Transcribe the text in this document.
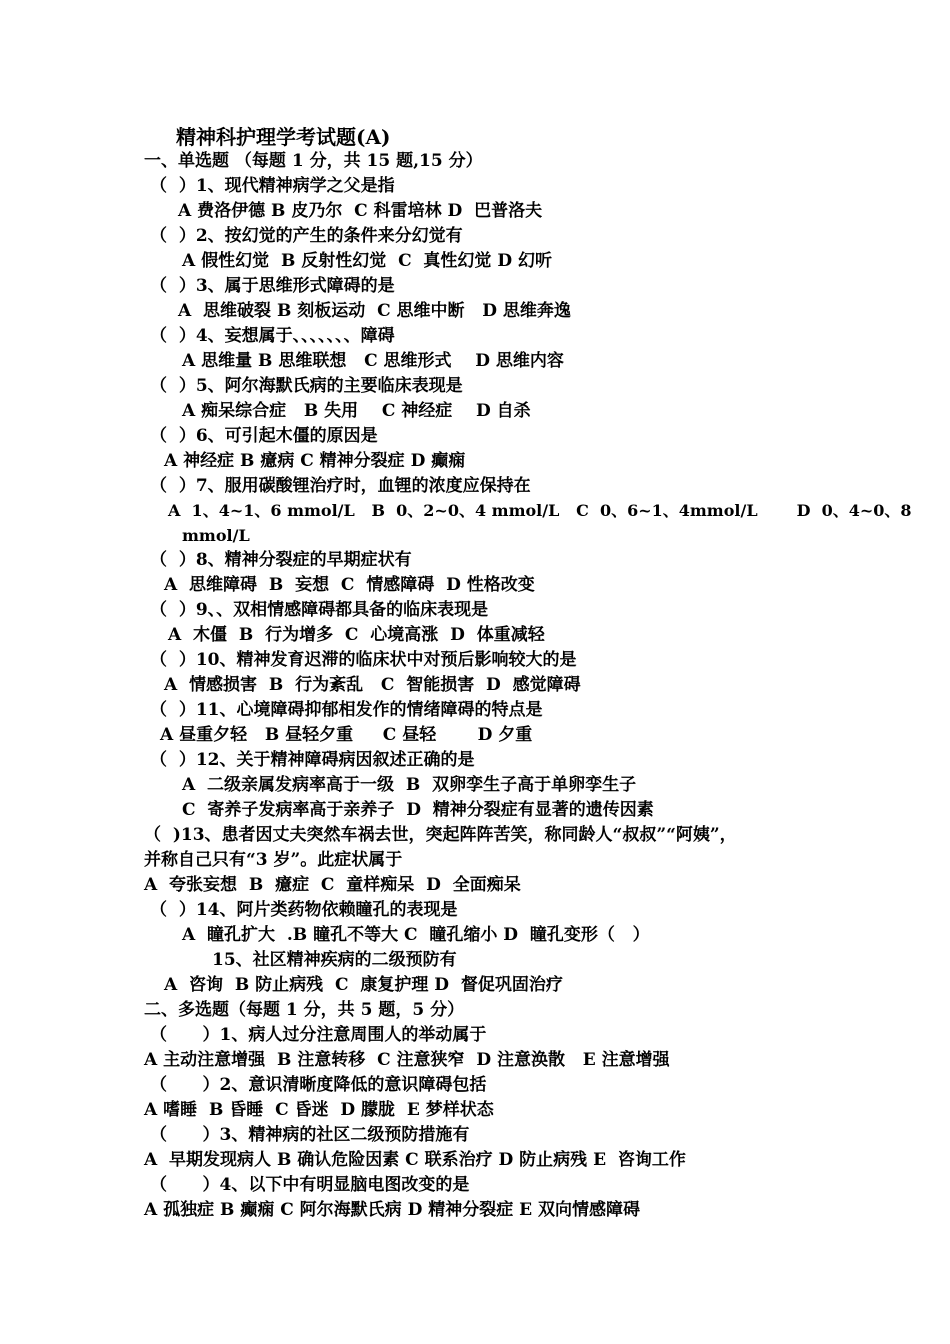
精神科护理学考试题(A)
一、单选题 （每题 1 分，共 15 题,15 分）
（  ）1、现代精神病学之父是指
A 费洛伊德 B 皮乃尔  C 科雷培林 D  巴普洛夫
（  ）2、按幻觉的产生的条件来分幻觉有
A 假性幻觉  B 反射性幻觉  C  真性幻觉 D 幻听
（  ）3、属于思维形式障碍的是
A  思维破裂 B 刻板运动  C 思维中断   D 思维奔逸
（  ）4、妄想属于、、、、、、、障碍
A 思维量 B 思维联想   C 思维形式    D 思维内容
（  ）5、阿尔海默氏病的主要临床表现是
A 痴呆综合症   B 失用    C 神经症    D 自杀
（  ）6、可引起木僵的原因是
A 神经症 B 癔病 C 精神分裂症 D 癫痫
（  ）7、服用碳酸锂治疗时，血锂的浓度应保持在
A  1、4~1、6 mmol/L   B  0、2~0、4 mmol/L   C  0、6~1、4mmol/L       D  0、4~0、8
mmol/L
（  ）8、精神分裂症的早期症状有
A  思维障碍  B  妄想  C  情感障碍  D 性格改变
（  ）9、、双相情感障碍都具备的临床表现是
A  木僵  B  行为增多  C  心境高涨  D  体重减轻
（  ）10、精神发育迟滞的临床状中对预后影响较大的是
A  情感损害  B  行为紊乱   C  智能损害  D  感觉障碍
（  ）11、心境障碍抑郁相发作的情绪障碍的特点是
A 昼重夕轻   B 昼轻夕重     C 昼轻       D 夕重
（  ）12、关于精神障碍病因叙述正确的是
A  二级亲属发病率高于一级  B  双卵孪生子高于单卵孪生子
C  寄养子发病率高于亲养子  D  精神分裂症有显著的遗传因素
（  )13、患者因丈夫突然车祸去世，突起阵阵苦笑，称同龄人“叔叔”“阿姨”，
并称自己只有“3 岁”。此症状属于
A  夸张妄想  B  癔症  C  童样痴呆  D  全面痴呆
（  ）14、阿片类药物依赖瞳孔的表现是
A  瞳孔扩大  .B 瞳孔不等大 C  瞳孔缩小 D  瞳孔变形（   ）
15、社区精神疾病的二级预防有
A  咨询  B 防止病残  C  康复护理 D  督促巩固治疗
二、多选题（每题 1 分，共 5 题，5 分）
（      ）1、病人过分注意周围人的举动属于
A 主动注意增强  B 注意转移  C 注意狭窄  D 注意涣散   E 注意增强
（      ）2、意识清晰度降低的意识障碍包括
A 嗜睡  B 昏睡  C 昏迷  D 朦胧  E 梦样状态
（      ）3、精神病的社区二级预防措施有
A  早期发现病人 B 确认危险因素 C 联系治疗 D 防止病残 E  咨询工作
（      ）4、以下中有明显脑电图改变的是
A 孤独症 B 癫痫 C 阿尔海默氏病 D 精神分裂症 E 双向情感障碍
